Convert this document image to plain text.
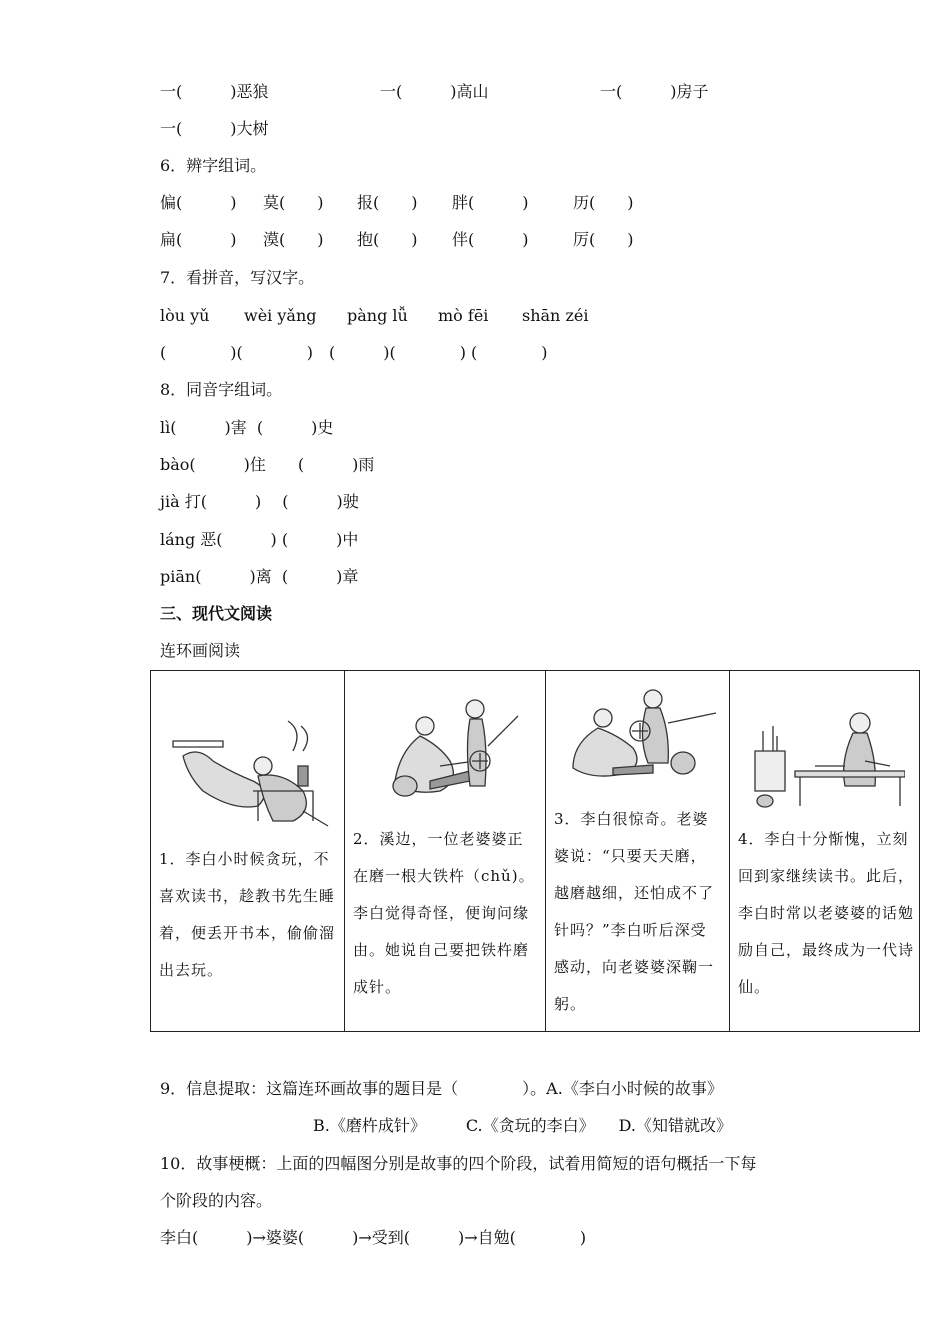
一(　　　)恶狼	一(　　　)高山	一(　　　)房子
一(　　　)大树
6．辨字组词。
偏(　　　) 莫(　　) 报(　　) 胖(　　　)	历(　　)
扁(　　　) 漠(　　) 抱(　　) 伴(　　　)	厉(　　)
7．看拼音，写汉字。
lòu yǔ wèi yǎng pàng lǚ mò fēi shān zéi
(　　　　)(　　　　)　(　　　)(　　　　) (　　　　)
8．同音字组词。
lì(　　　)害  (　　　)史
bào(　　　)住　　(　　　)雨
jià 打(　　　)　 (　　　)驶
láng 恶(　　　) (　　　)中
piān(　　　)离  (　　　)章
三、现代文阅读
连环画阅读
1．李白小时候贪玩，不喜欢读书，趁教书先生睡着，便丢开书本，偷偷溜出去玩。

2．溪边，一位老婆婆正在磨一根大铁杵（chǔ)。李白觉得奇怪，便询问缘由。她说自己要把铁杵磨成针。

3．李白很惊奇。老婆婆说：“只要天天磨，越磨越细，还怕成不了针吗？”李白听后深受感动，向老婆婆深鞠一躬。

4．李白十分惭愧，立刻回到家继续读书。此后，李白时常以老婆婆的话勉励自己，最终成为一代诗仙。
9．信息提取：这篇连环画故事的题目是（　　　　）。A.《李白小时候的故事》
B.《磨杵成针》　　　C.《贪玩的李白》　　D.《知错就改》
10．故事梗概：上面的四幅图分别是故事的四个阶段，试着用简短的语句概括一下每
个阶段的内容。
李白(　　　)→婆婆(　　　)→受到(　　　)→自勉(　　　　)
